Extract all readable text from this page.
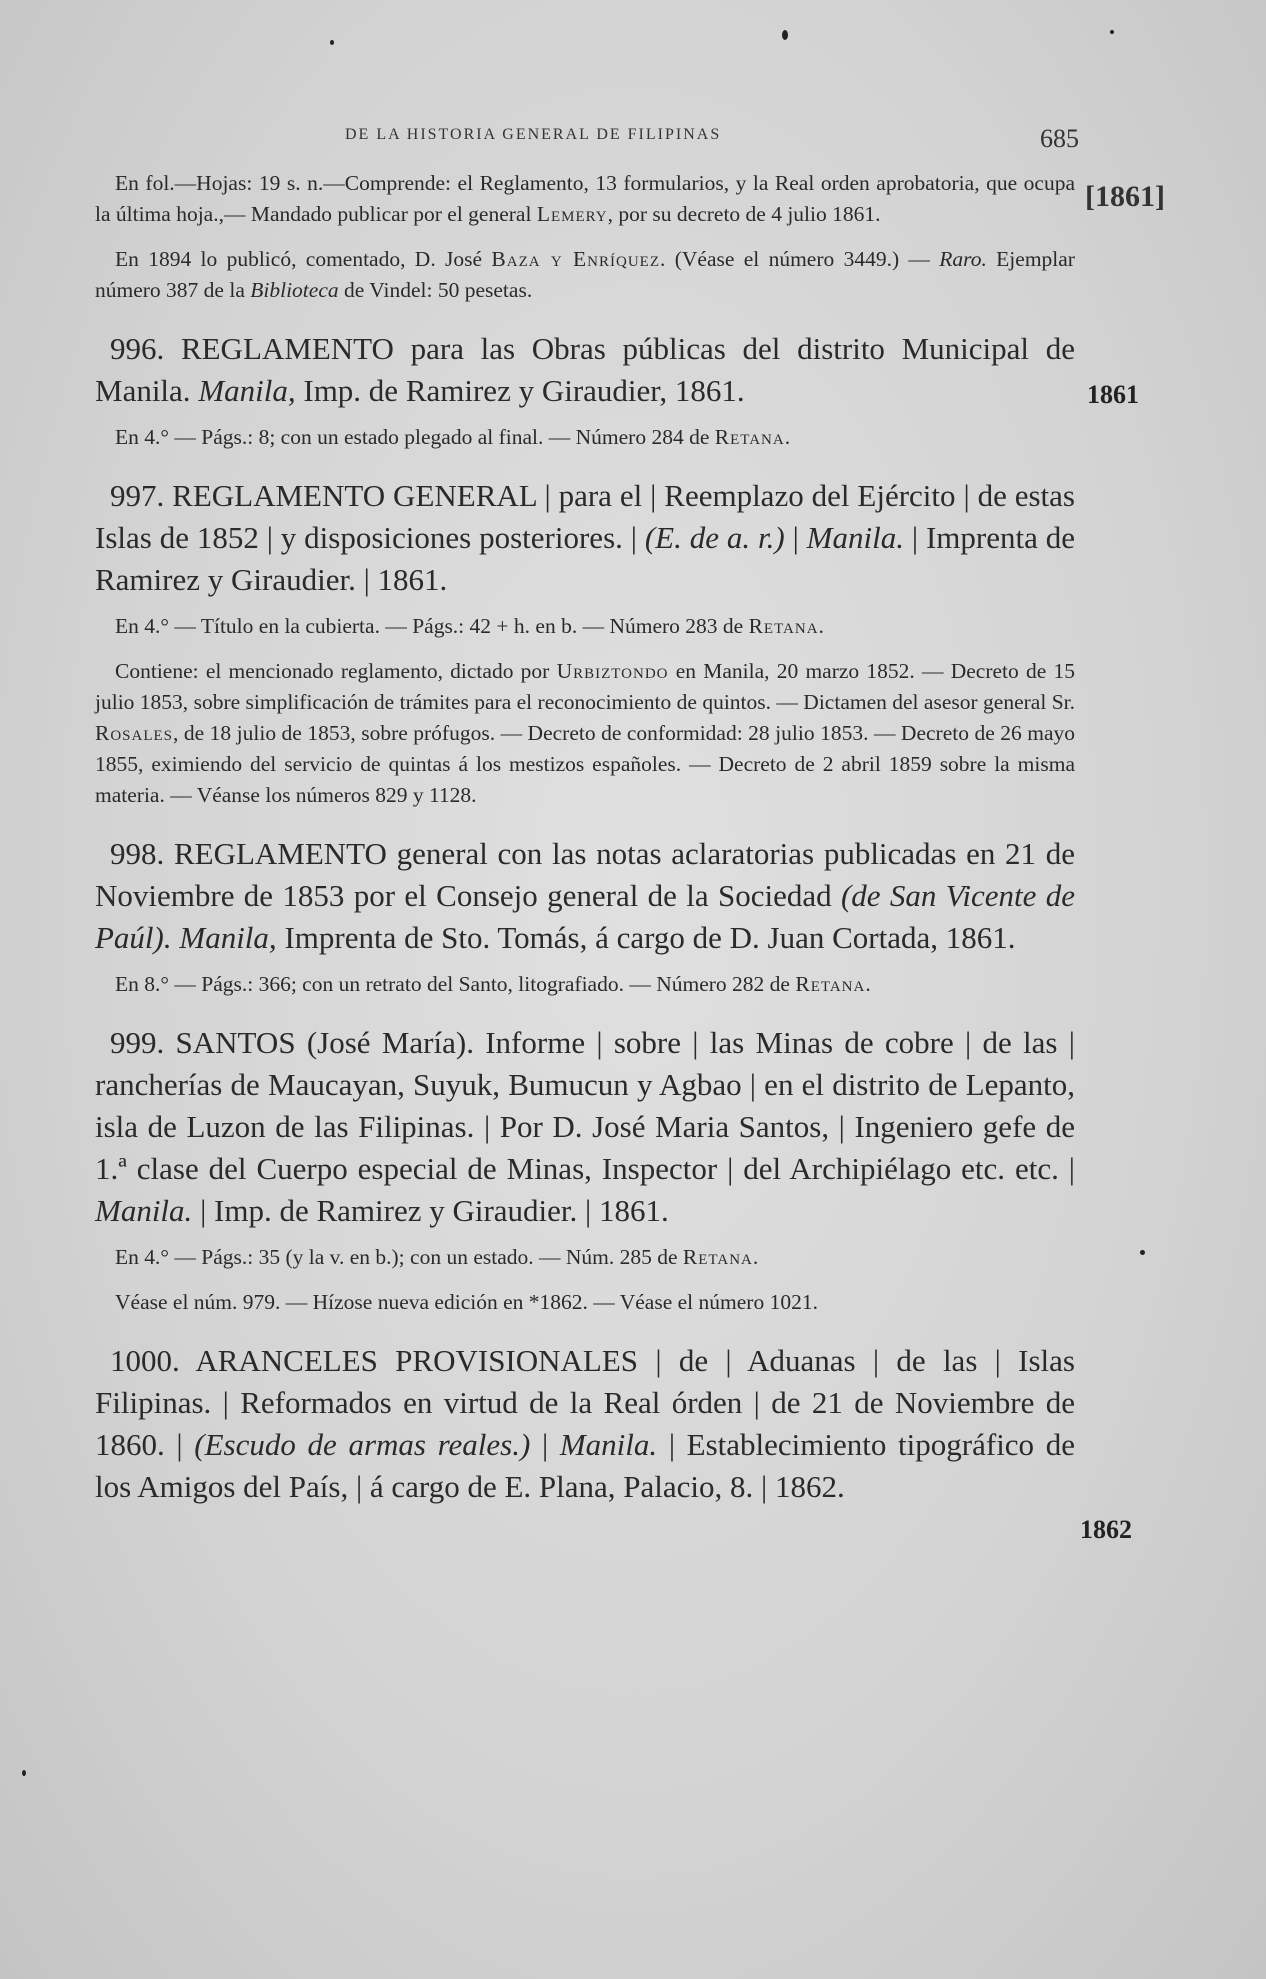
DE LA HISTORIA GENERAL DE FILIPINAS	685
[1861]
1861
1862

En fol.—Hojas: 19 s. n.—Comprende: el Reglamento, 13 formularios, y la Real orden aprobatoria, que ocupa la última hoja.,— Mandado publicar por el general Lemery, por su decreto de 4 julio 1861.

En 1894 lo publicó, comentado, D. José Baza y Enríquez. (Véase el número 3449.) — Raro. Ejemplar número 387 de la Biblioteca de Vindel: 50 pesetas.

996. REGLAMENTO para las Obras públicas del distrito Municipal de Manila. Manila, Imp. de Ramirez y Giraudier, 1861.

En 4.° — Págs.: 8; con un estado plegado al final. — Número 284 de Retana.

997. REGLAMENTO GENERAL | para el | Reemplazo del Ejército | de estas Islas de 1852 | y disposiciones posteriores. | (E. de a. r.) | Manila. | Imprenta de Ramirez y Giraudier. | 1861.

En 4.° — Título en la cubierta. — Págs.: 42 + h. en b. — Número 283 de Retana.

Contiene: el mencionado reglamento, dictado por Urbiztondo en Manila, 20 marzo 1852. — Decreto de 15 julio 1853, sobre simplificación de trámites para el reconocimiento de quintos. — Dictamen del asesor general Sr. Rosales, de 18 julio de 1853, sobre prófugos. — Decreto de conformidad: 28 julio 1853. — Decreto de 26 mayo 1855, eximiendo del servicio de quintas á los mestizos españoles. — Decreto de 2 abril 1859 sobre la misma materia. — Véanse los números 829 y 1128.

998. REGLAMENTO general con las notas aclaratorias publicadas en 21 de Noviembre de 1853 por el Consejo general de la Sociedad (de San Vicente de Paúl). Manila, Imprenta de Sto. Tomás, á cargo de D. Juan Cortada, 1861.

En 8.° — Págs.: 366; con un retrato del Santo, litografiado. — Número 282 de Retana.

999. SANTOS (José María). Informe | sobre | las Minas de cobre | de las | rancherías de Maucayan, Suyuk, Bumucun y Agbao | en el distrito de Lepanto, isla de Luzon de las Filipinas. | Por D. José Maria Santos, | Ingeniero gefe de 1.ª clase del Cuerpo especial de Minas, Inspector | del Archipiélago etc. etc. | Manila. | Imp. de Ramirez y Giraudier. | 1861.

En 4.° — Págs.: 35 (y la v. en b.); con un estado. — Núm. 285 de Retana.

Véase el núm. 979. — Hízose nueva edición en *1862. — Véase el número 1021.

1000. ARANCELES PROVISIONALES | de | Aduanas | de las | Islas Filipinas. | Reformados en virtud de la Real órden | de 21 de Noviembre de 1860. | (Escudo de armas reales.) | Manila. | Establecimiento tipográfico de los Amigos del País, | á cargo de E. Plana, Palacio, 8. | 1862.
